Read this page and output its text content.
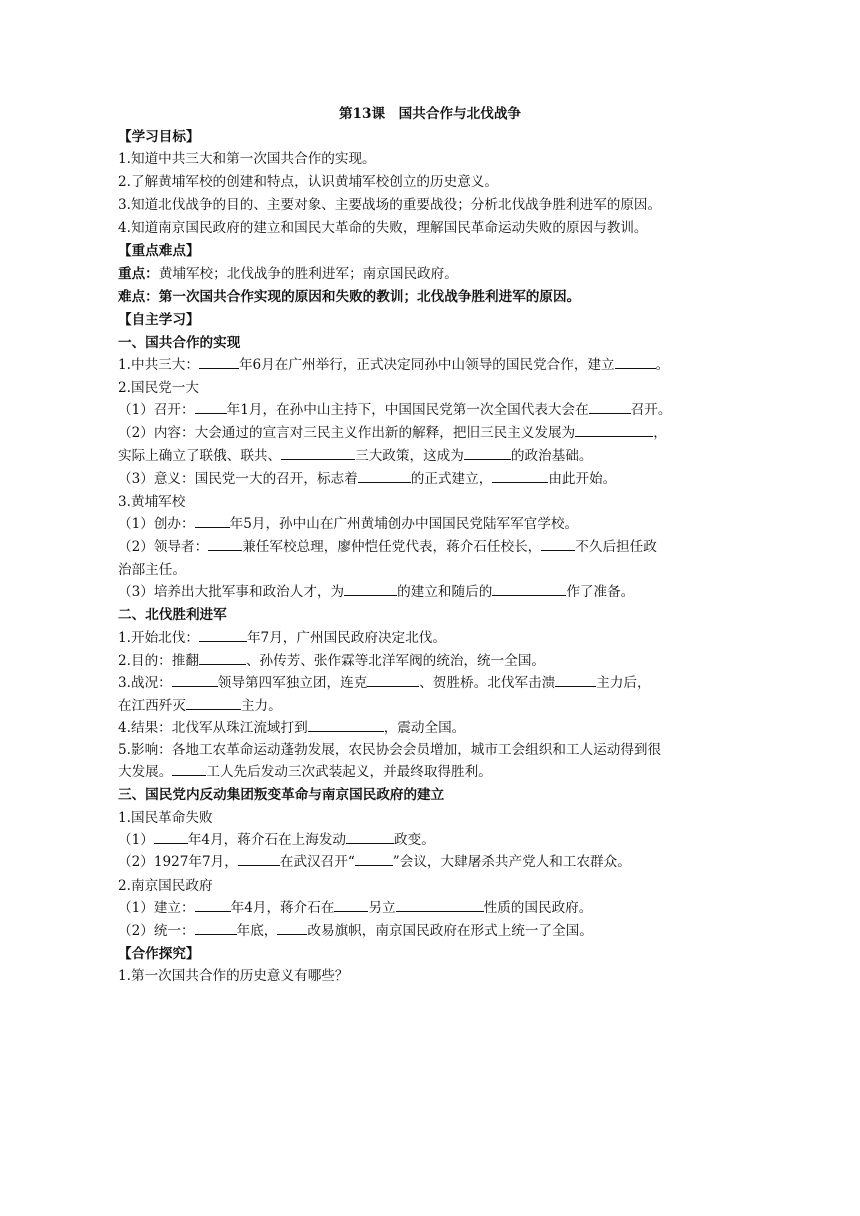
第13课　国共合作与北伐战争
【学习目标】
1.知道中共三大和第一次国共合作的实现。
2.了解黄埔军校的创建和特点，认识黄埔军校创立的历史意义。
3.知道北伐战争的目的、主要对象、主要战场的重要战役；分析北伐战争胜利进军的原因。
4.知道南京国民政府的建立和国民大革命的失败，理解国民革命运动失败的原因与教训。
【重点难点】
重点：黄埔军校；北伐战争的胜利进军；南京国民政府。
难点：第一次国共合作实现的原因和失败的教训；北伐战争胜利进军的原因。
【自主学习】
一、国共合作的实现
1.中共三大：	年6月在广州举行，正式决定同孙中山领导的国民党合作，建立	。
2.国民党一大
（1）召开： 年1月，在孙中山主持下，中国国民党第一次全国代表大会在	召开。
（2）内容：大会通过的宣言对三民主义作出新的解释，把旧三民主义发展为	，
实际上确立了联俄、联共、	三大政策，这成为	的政治基础。
（3）意义：国民党一大的召开，标志着	的正式建立，	由此开始。
3.黄埔军校
（1）创办：	年5月，孙中山在广州黄埔创办中国国民党陆军军官学校。
（2）领导者：	兼任军校总理，廖仲恺任党代表，蒋介石任校长，	不久后担任政
治部主任。
（3）培养出大批军事和政治人才，为	的建立和随后的	作了准备。
二、北伐胜利进军
1.开始北伐：	年7月，广州国民政府决定北伐。
2.目的：推翻	、孙传芳、张作霖等北洋军阀的统治，统一全国。
3.战况：	领导第四军独立团，连克	、贺胜桥。北伐军击溃	主力后，
在江西歼灭	主力。
4.结果：北伐军从珠江流域打到	，震动全国。
5.影响：各地工农革命运动蓬勃发展，农民协会会员增加，城市工会组织和工人运动得到很
大发展。	工人先后发动三次武装起义，并最终取得胜利。
三、国民党内反动集团叛变革命与南京国民政府的建立
1.国民革命失败
（1）	年4月，蒋介石在上海发动	政变。
（2）1927年7月，	在武汉召开“	”会议，大肆屠杀共产党人和工农群众。
2.南京国民政府
（1）建立：	年4月，蒋介石在	另立	性质的国民政府。
（2）统一：	年底， 改易旗帜，南京国民政府在形式上统一了全国。
【合作探究】
1.第一次国共合作的历史意义有哪些？
